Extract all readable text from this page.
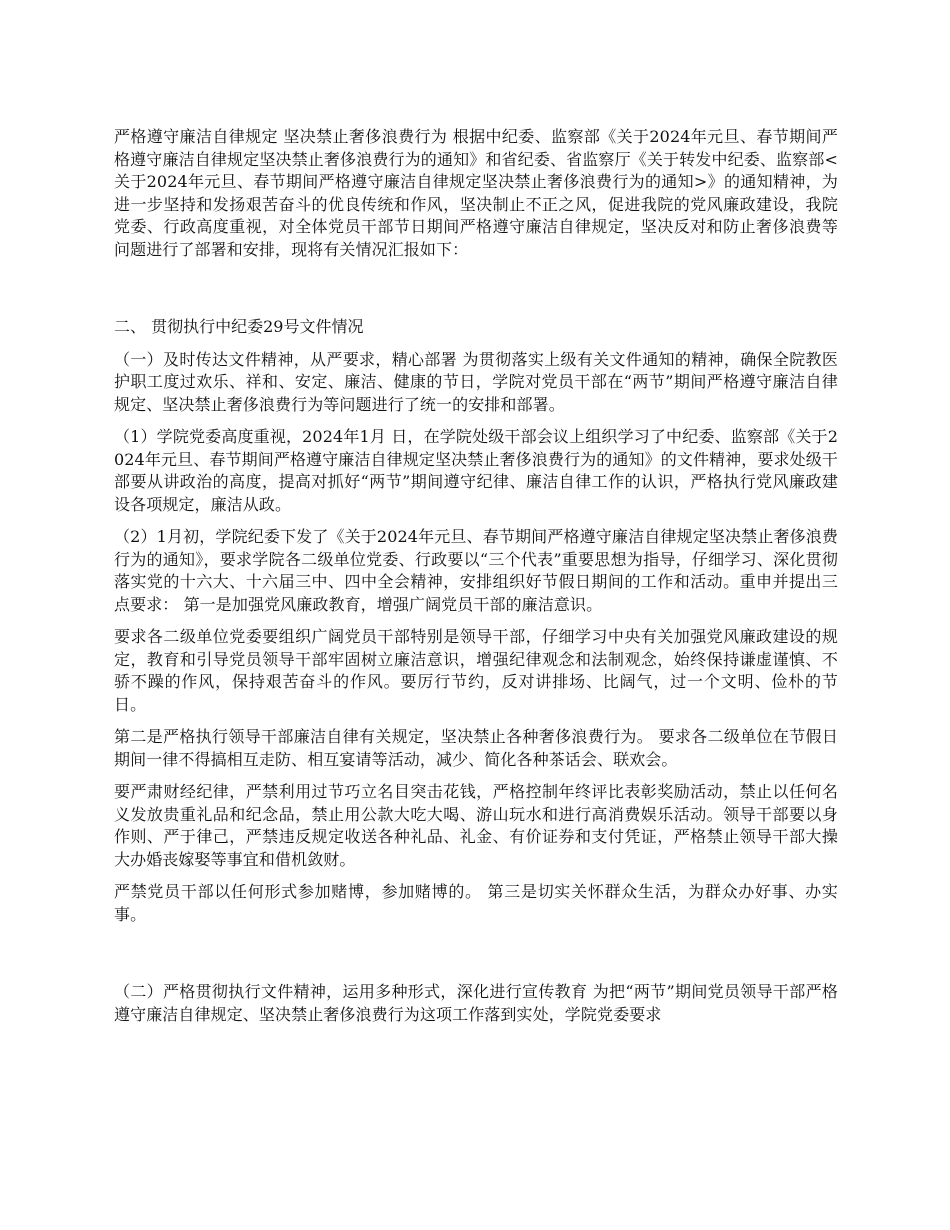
严格遵守廉洁自律规定 坚决禁止奢侈浪费行为 根据中纪委、监察部《关于2024年元旦、春节期间严格遵守廉洁自律规定坚决禁止奢侈浪费行为的通知》和省纪委、省监察厅《关于转发中纪委、监察部<关于2024年元旦、春节期间严格遵守廉洁自律规定坚决禁止奢侈浪费行为的通知>》的通知精神，为进一步坚持和发扬艰苦奋斗的优良传统和作风，坚决制止不正之风，促进我院的党风廉政建设，我院党委、行政高度重视，对全体党员干部节日期间严格遵守廉洁自律规定，坚决反对和防止奢侈浪费等问题进行了部署和安排，现将有关情况汇报如下：

二、 贯彻执行中纪委29号文件情况

（一）及时传达文件精神，从严要求，精心部署 为贯彻落实上级有关文件通知的精神，确保全院教医护职工度过欢乐、祥和、安定、廉洁、健康的节日，学院对党员干部在“两节”期间严格遵守廉洁自律规定、坚决禁止奢侈浪费行为等问题进行了统一的安排和部署。

（1）学院党委高度重视，2024年1月 日，在学院处级干部会议上组织学习了中纪委、监察部《关于2024年元旦、春节期间严格遵守廉洁自律规定坚决禁止奢侈浪费行为的通知》的文件精神，要求处级干部要从讲政治的高度，提高对抓好“两节”期间遵守纪律、廉洁自律工作的认识，严格执行党风廉政建设各项规定，廉洁从政。

（2）1月初，学院纪委下发了《关于2024年元旦、春节期间严格遵守廉洁自律规定坚决禁止奢侈浪费行为的通知》，要求学院各二级单位党委、行政要以“三个代表”重要思想为指导，仔细学习、深化贯彻落实党的十六大、十六届三中、四中全会精神，安排组织好节假日期间的工作和活动。重申并提出三点要求： 第一是加强党风廉政教育，增强广阔党员干部的廉洁意识。

要求各二级单位党委要组织广阔党员干部特别是领导干部，仔细学习中央有关加强党风廉政建设的规定，教育和引导党员领导干部牢固树立廉洁意识，增强纪律观念和法制观念，始终保持谦虚谨慎、不骄不躁的作风，保持艰苦奋斗的作风。要厉行节约，反对讲排场、比阔气，过一个文明、俭朴的节日。

第二是严格执行领导干部廉洁自律有关规定，坚决禁止各种奢侈浪费行为。 要求各二级单位在节假日期间一律不得搞相互走防、相互宴请等活动，减少、简化各种茶话会、联欢会。

要严肃财经纪律，严禁利用过节巧立名目突击花钱，严格控制年终评比表彰奖励活动，禁止以任何名义发放贵重礼品和纪念品，禁止用公款大吃大喝、游山玩水和进行高消费娱乐活动。领导干部要以身作则、严于律己，严禁违反规定收送各种礼品、礼金、有价证券和支付凭证，严格禁止领导干部大操大办婚丧嫁娶等事宜和借机敛财。

严禁党员干部以任何形式参加赌博，参加赌博的。 第三是切实关怀群众生活，为群众办好事、办实事。

（二）严格贯彻执行文件精神，运用多种形式，深化进行宣传教育 为把“两节”期间党员领导干部严格遵守廉洁自律规定、坚决禁止奢侈浪费行为这项工作落到实处，学院党委要求
